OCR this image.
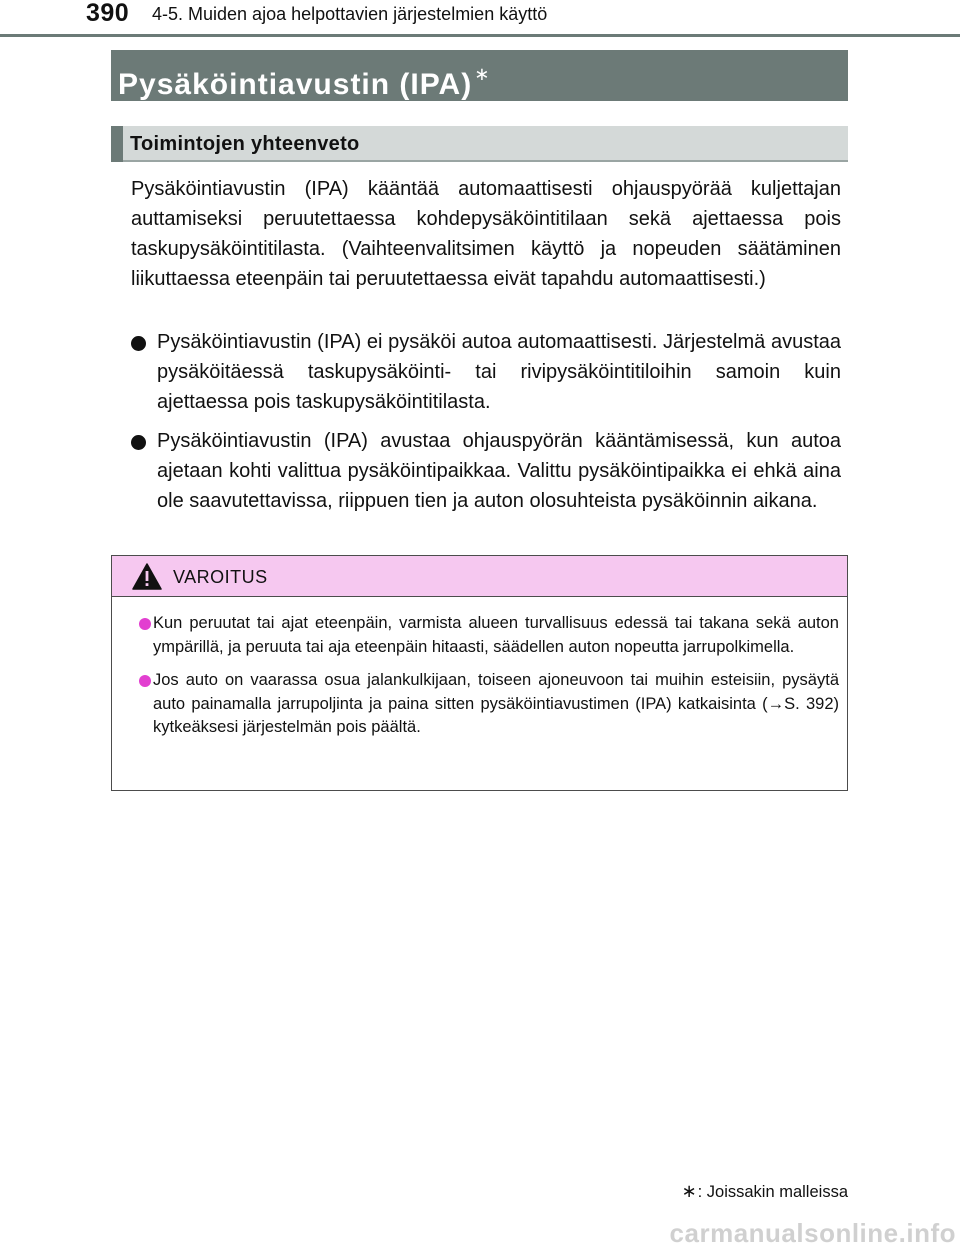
390 4-5. Muiden ajoa helpottavien järjestelmien käyttö
Pysäköintiavustin (IPA) ∗
Toimintojen yhteenveto
Pysäköintiavustin (IPA) kääntää automaattisesti ohjauspyörää kuljettajan auttamiseksi peruutettaessa kohdepysäköintitilaan sekä ajettaessa pois taskupysäköintitilasta. (Vaihteenvalitsimen käyttö ja nopeuden säätäminen liikuttaessa eteenpäin tai peruutettaessa eivät tapahdu automaattisesti.)
Pysäköintiavustin (IPA) ei pysäköi autoa automaattisesti. Järjestelmä avustaa pysäköitäessä taskupysäköinti- tai rivipysäköintitiloihin samoin kuin ajettaessa pois taskupysäköintitilasta.
Pysäköintiavustin (IPA) avustaa ohjauspyörän kääntämisessä, kun autoa ajetaan kohti valittua pysäköintipaikkaa. Valittu pysäköintipaikka ei ehkä aina ole saavutettavissa, riippuen tien ja auton olosuhteista pysäköinnin aikana.
VAROITUS
Kun peruutat tai ajat eteenpäin, varmista alueen turvallisuus edessä tai takana sekä auton ympärillä, ja peruuta tai aja eteenpäin hitaasti, säädellen auton nopeutta jarrupolkimella.
Jos auto on vaarassa osua jalankulkijaan, toiseen ajoneuvoon tai muihin esteisiin, pysäytä auto painamalla jarrupoljinta ja paina sitten pysäköintiavustimen (IPA) katkaisinta (→S. 392) kytkeäksesi järjestelmän pois päältä.
∗: Joissakin malleissa
carmanualsonline.info
